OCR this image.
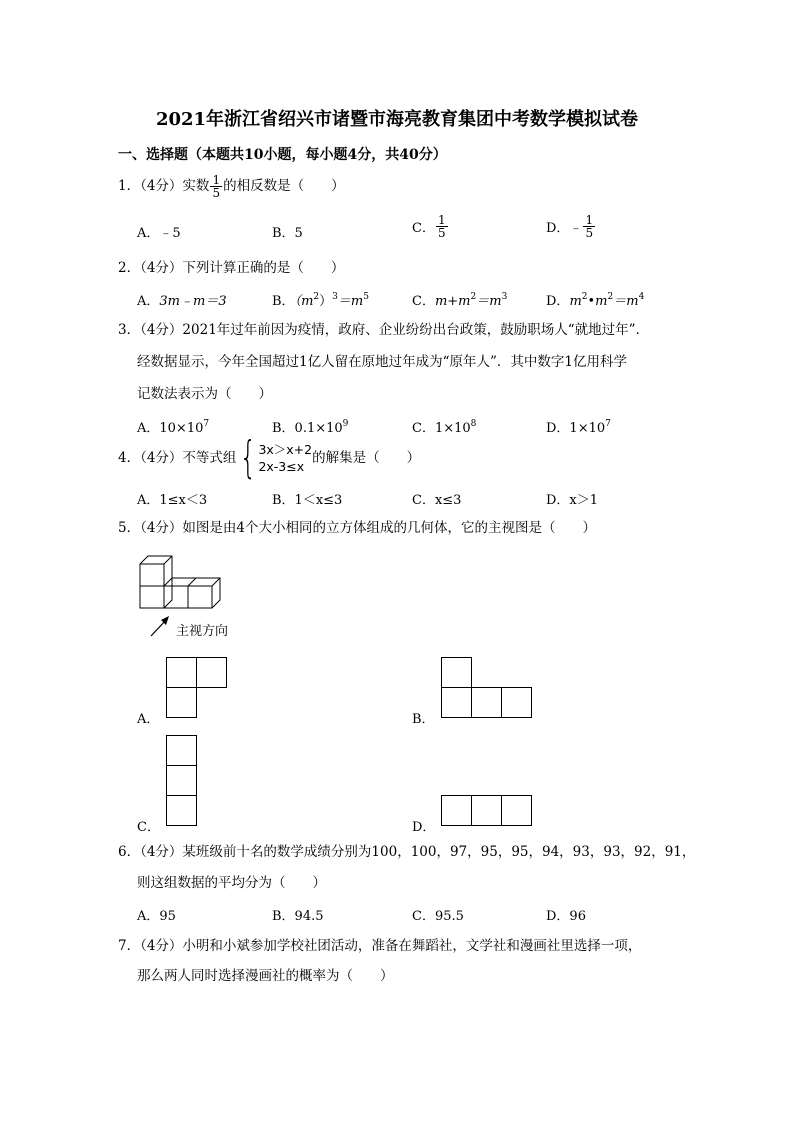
2021年浙江省绍兴市诸暨市海亮教育集团中考数学模拟试卷
一、选择题（本题共10小题，每小题4分，共40分）
1．（4分）实数 $\frac{1}{5}$ 的相反数是（　　）
A．﹣5	B．5	C． $\frac{1}{5}$	D．﹣ $\frac{1}{5}$
2．（4分）下列计算正确的是（　　）
A．3m﹣m＝3	B．$(m^2)^3=m^5$	C．$m+m^2=m^3$	D．$m^2•m^2=m^4$
3．（4分）2021年过年前因为疫情，政府、企业纷纷出台政策，鼓励职场人“就地过年”．
经数据显示，今年全国超过1亿人留在原地过年成为“原年人”．其中数字1亿用科学
记数法表示为（　　）
A．$10\times 10^7$	B．$0.1\times 10^9$	C．$1\times 10^8$	D．$1\times 10^7$
4．（4分）不等式组{ 3x＞x+2
2x-3≤x
的解集是（　　）
A．1≤x＜3	B．1＜x≤3	C．x≤3	D．x＞1
5．（4分）如图是由4个大小相同的立方体组成的几何体，它的主视图是（　　）
主视方向
A．	B．
C．	D．
6．（4分）某班级前十名的数学成绩分别为100，100，97，95，95，94，93，93，92，91，
则这组数据的平均分为（　　）
A．95	B．94.5	C．95.5	D．96
7．（4分）小明和小斌参加学校社团活动，准备在舞蹈社，文学社和漫画社里选择一项，
那么两人同时选择漫画社的概率为（　　）
